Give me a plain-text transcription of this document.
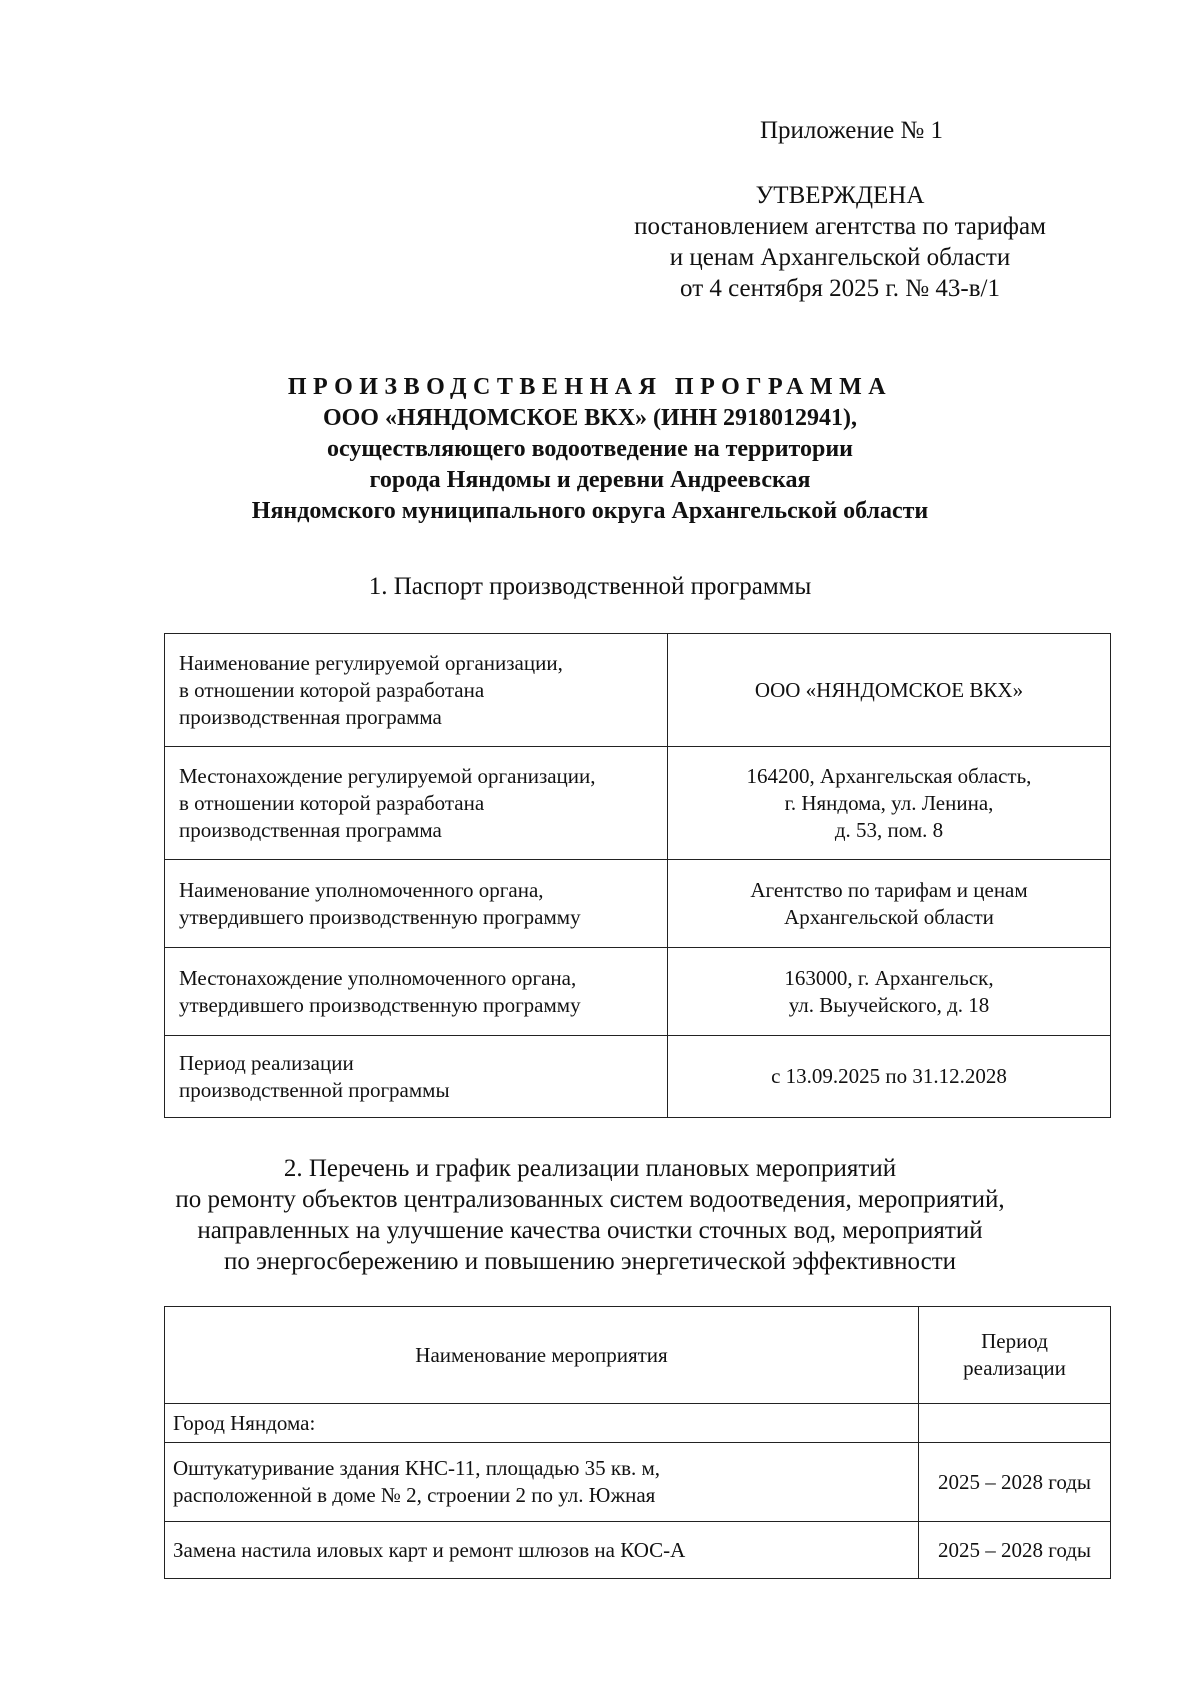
Приложение № 1
УТВЕРЖДЕНА
постановлением агентства по тарифам
и ценам Архангельской области
от 4 сентября 2025 г. № 43-в/1
ПРОИЗВОДСТВЕННАЯ ПРОГРАММА
ООО «НЯНДОМСКОЕ ВКХ» (ИНН 2918012941),
осуществляющего водоотведение на территории
города Няндомы и деревни Андреевская
Няндомского муниципального округа Архангельской области
1. Паспорт производственной программы
Наименование регулируемой организации,
в отношении которой разработана
производственная программа	ООО «НЯНДОМСКОЕ ВКХ»

Местонахождение регулируемой организации,
в отношении которой разработана
производственная программа	164200, Архангельская область,
г. Няндома, ул. Ленина,
д. 53, пом. 8

Наименование уполномоченного органа,
утвердившего производственную программу	Агентство по тарифам и ценам
Архангельской области

Местонахождение уполномоченного органа,
утвердившего производственную программу	163000, г. Архангельск,
ул. Выучейского, д. 18

Период реализации
производственной программы	с 13.09.2025 по 31.12.2028
2. Перечень и график реализации плановых мероприятий
по ремонту объектов централизованных систем водоотведения, мероприятий,
направленных на улучшение качества очистки сточных вод, мероприятий
по энергосбережению и повышению энергетической эффективности
Наименование мероприятия	Период
реализации

Город Няндома:	

Оштукатуривание здания КНС-11, площадью 35 кв. м,
расположенной в доме № 2, строении 2 по ул. Южная	2025 – 2028 годы

Замена настила иловых карт и ремонт шлюзов на КОС-А	2025 – 2028 годы
